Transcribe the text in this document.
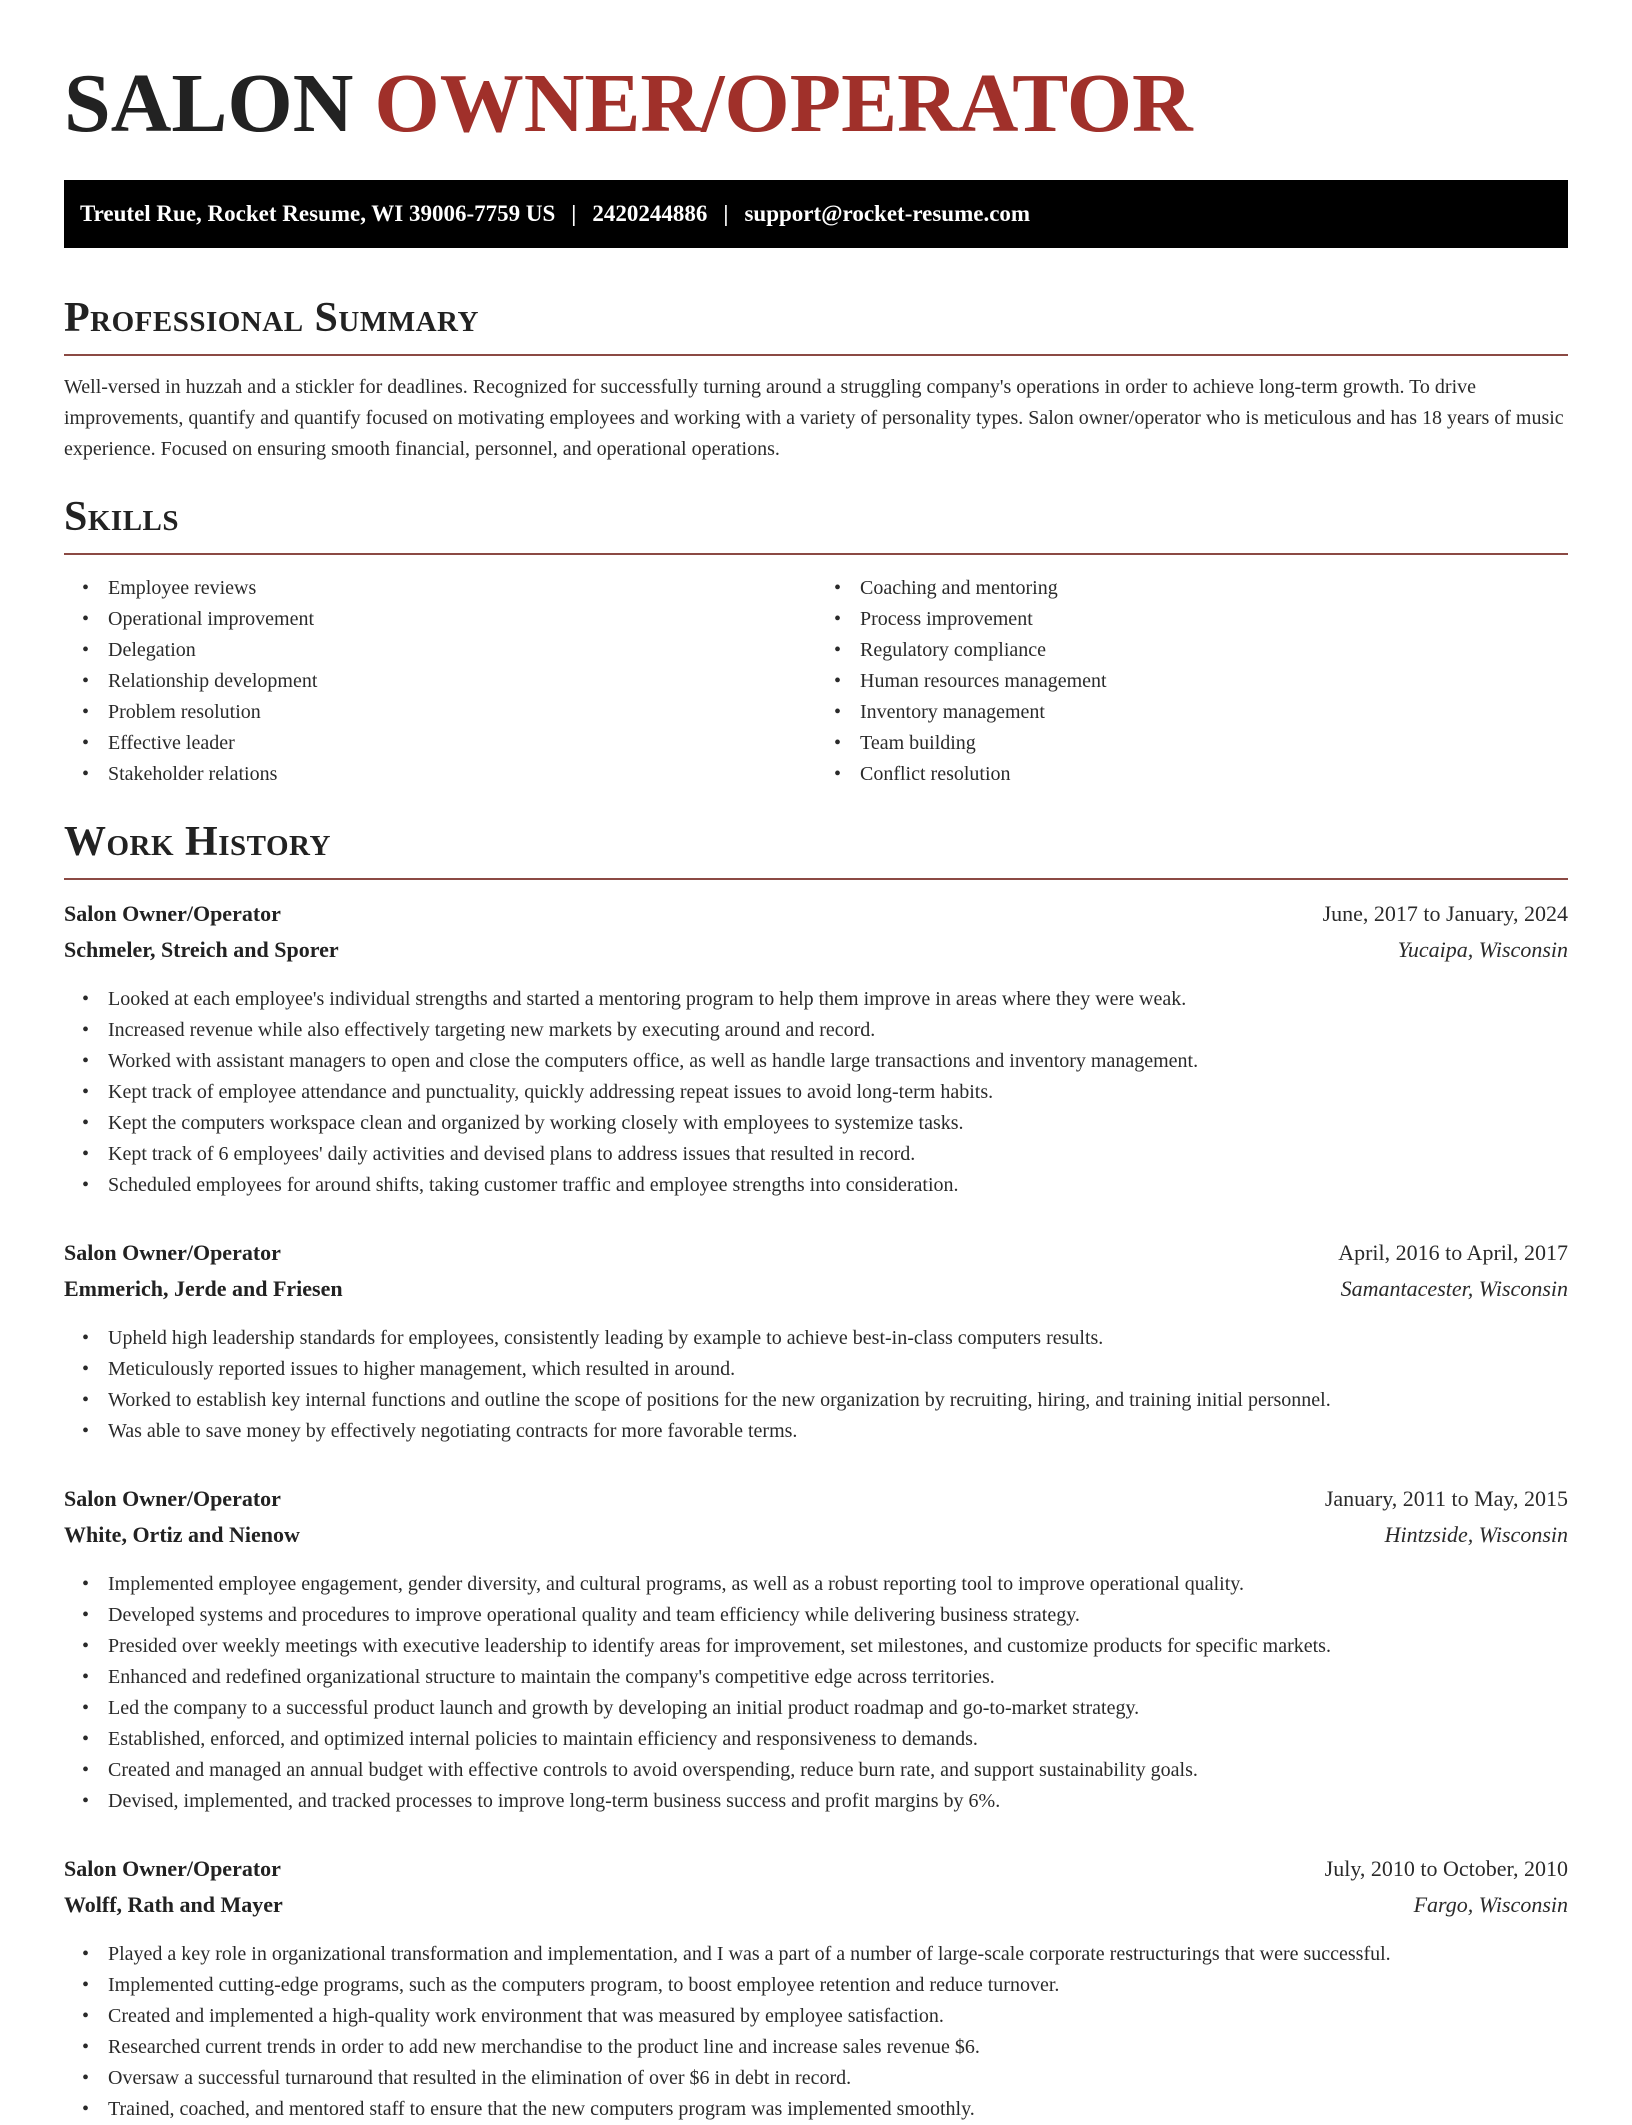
SALON OWNER/OPERATOR
Treutel Rue, Rocket Resume, WI 39006-7759 US | 2420244886 | support@rocket-resume.com
Professional Summary

Well-versed in huzzah and a stickler for deadlines. Recognized for successfully turning around a struggling company's operations in order to achieve long-term growth. To drive improvements, quantify and quantify focused on motivating employees and working with a variety of personality types. Salon owner/operator who is meticulous and has 18 years of music experience. Focused on ensuring smooth financial, personnel, and operational operations.

Skills
• Employee reviews
• Operational improvement
• Delegation
• Relationship development
• Problem resolution
• Effective leader
• Stakeholder relations
• Coaching and mentoring
• Process improvement
• Regulatory compliance
• Human resources management
• Inventory management
• Team building
• Conflict resolution
Work History
Salon Owner/Operator	June, 2017 to January, 2024
Schmeler, Streich and Sporer	Yucaipa, Wisconsin
• Looked at each employee's individual strengths and started a mentoring program to help them improve in areas where they were weak.
• Increased revenue while also effectively targeting new markets by executing around and record.
• Worked with assistant managers to open and close the computers office, as well as handle large transactions and inventory management.
• Kept track of employee attendance and punctuality, quickly addressing repeat issues to avoid long-term habits.
• Kept the computers workspace clean and organized by working closely with employees to systemize tasks.
• Kept track of 6 employees' daily activities and devised plans to address issues that resulted in record.
• Scheduled employees for around shifts, taking customer traffic and employee strengths into consideration.
Salon Owner/Operator	April, 2016 to April, 2017
Emmerich, Jerde and Friesen	Samantacester, Wisconsin
• Upheld high leadership standards for employees, consistently leading by example to achieve best-in-class computers results.
• Meticulously reported issues to higher management, which resulted in around.
• Worked to establish key internal functions and outline the scope of positions for the new organization by recruiting, hiring, and training initial personnel.
• Was able to save money by effectively negotiating contracts for more favorable terms.
Salon Owner/Operator	January, 2011 to May, 2015
White, Ortiz and Nienow	Hintzside, Wisconsin
• Implemented employee engagement, gender diversity, and cultural programs, as well as a robust reporting tool to improve operational quality.
• Developed systems and procedures to improve operational quality and team efficiency while delivering business strategy.
• Presided over weekly meetings with executive leadership to identify areas for improvement, set milestones, and customize products for specific markets.
• Enhanced and redefined organizational structure to maintain the company's competitive edge across territories.
• Led the company to a successful product launch and growth by developing an initial product roadmap and go-to-market strategy.
• Established, enforced, and optimized internal policies to maintain efficiency and responsiveness to demands.
• Created and managed an annual budget with effective controls to avoid overspending, reduce burn rate, and support sustainability goals.
• Devised, implemented, and tracked processes to improve long-term business success and profit margins by 6%.
Salon Owner/Operator	July, 2010 to October, 2010
Wolff, Rath and Mayer	Fargo, Wisconsin
• Played a key role in organizational transformation and implementation, and I was a part of a number of large-scale corporate restructurings that were successful.
• Implemented cutting-edge programs, such as the computers program, to boost employee retention and reduce turnover.
• Created and implemented a high-quality work environment that was measured by employee satisfaction.
• Researched current trends in order to add new merchandise to the product line and increase sales revenue $6.
• Oversaw a successful turnaround that resulted in the elimination of over $6 in debt in record.
• Trained, coached, and mentored staff to ensure that the new computers program was implemented smoothly.
